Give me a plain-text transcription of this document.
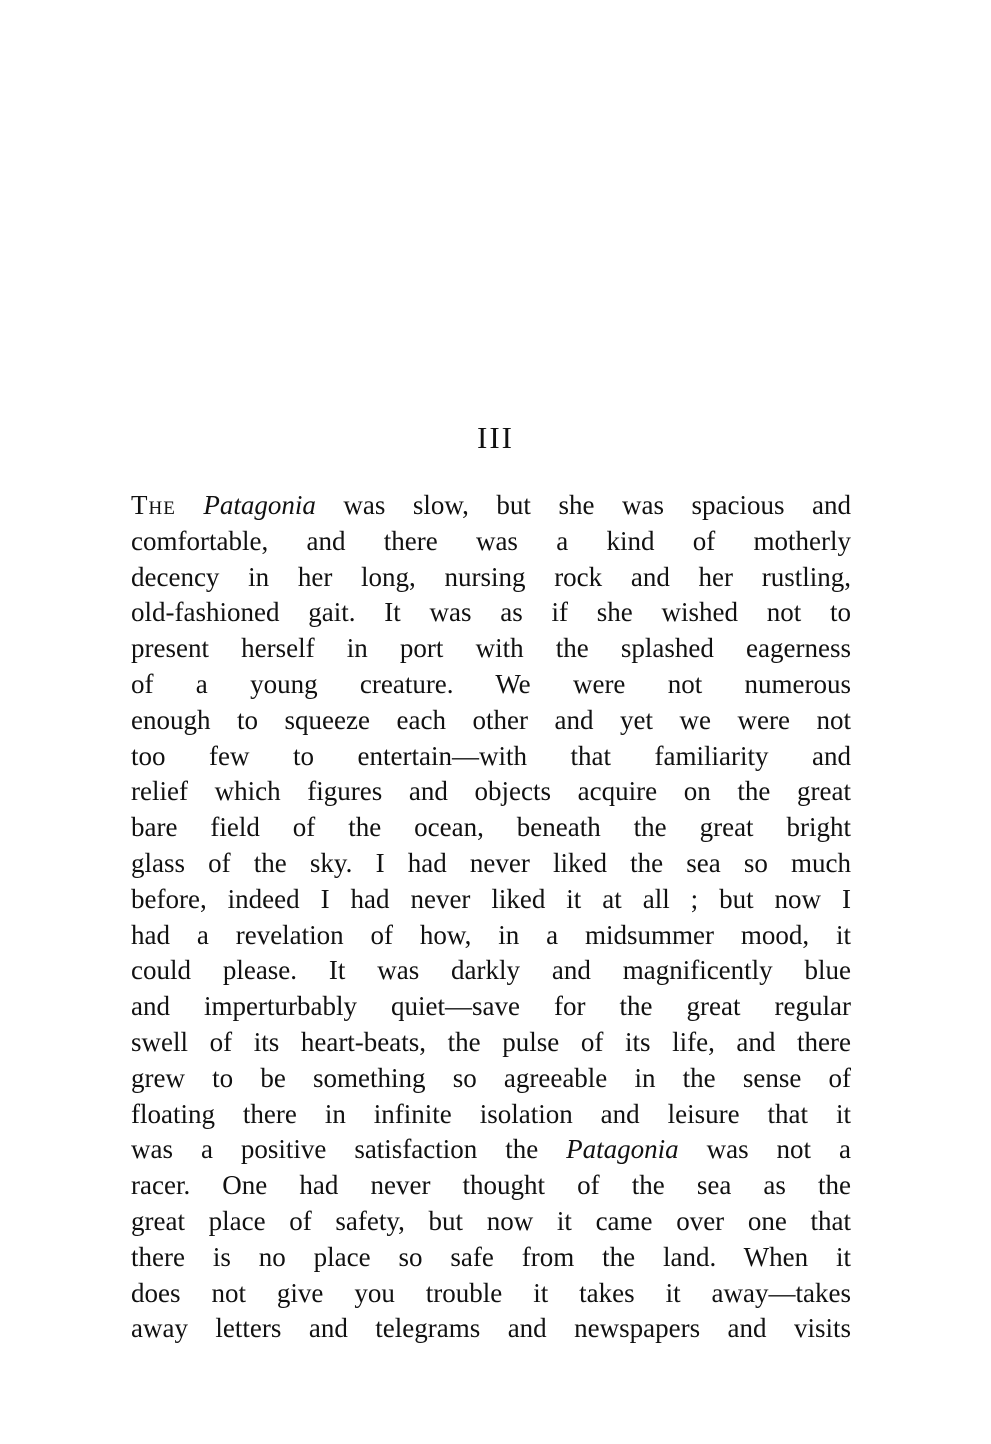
III
The Patagonia was slow, but she was spacious and
comfortable, and there was a kind of motherly
decency in her long, nursing rock and her rustling,
old-fashioned gait. It was as if she wished not to
present herself in port with the splashed eagerness
of a young creature. We were not numerous
enough to squeeze each other and yet we were not
too few to entertain—with that familiarity and
relief which figures and objects acquire on the great
bare field of the ocean, beneath the great bright
glass of the sky. I had never liked the sea so much
before, indeed I had never liked it at all ; but now I
had a revelation of how, in a midsummer mood, it
could please. It was darkly and magnificently blue
and imperturbably quiet—save for the great regular
swell of its heart-beats, the pulse of its life, and there
grew to be something so agreeable in the sense of
floating there in infinite isolation and leisure that it
was a positive satisfaction the Patagonia was not a
racer. One had never thought of the sea as the
great place of safety, but now it came over one that
there is no place so safe from the land. When it
does not give you trouble it takes it away—takes
away letters and telegrams and newspapers and visits
